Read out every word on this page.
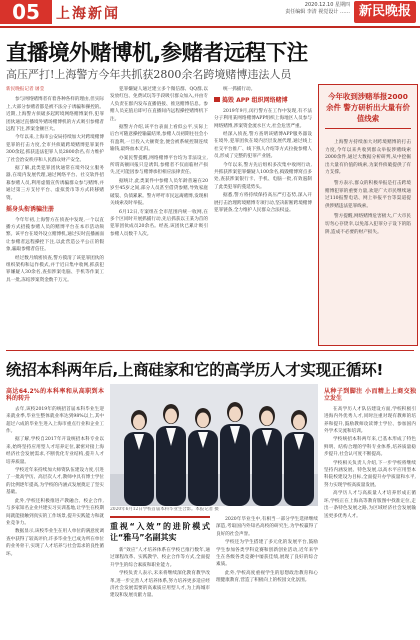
05	上海新闻
2020.12.10 星期四
责任编辑 李清 视觉设计 …… 新民晚报
直播境外赌博机,参赌者远程下注
高压严打!上海警方今年共抓获2800余名跨境赌博违法人员
新民晚报记者 屠莹

参与网络赌博者有着各种各样的理由,但实际上,大部分参赌者都是被不法分子诱骗和操控的。近期,上海警方侦破多起跨境网络赌博案件,犯罪团伙通过直播境外赌场赌博机的方式吸引参赌者远程下注,涉案金额巨大。

今年以来,上海市公安局持续加大对跨境赌博犯罪的打击力度,全市共侦破跨境赌博犯罪案件300余起,抓获违法犯罪人员2800余名,有力维护了社会治安秩序和人民群众财产安全。

据了解,此类犯罪团伙通常在境外设立服务器,在境内发展代理,通过网络平台、社交软件招募参赌人员,利用虚假宣传诱骗群众参与赌博,并通过第三方支付平台、虚拟货币等方式转移赌资。

摇身头衔诱骗注册

今年年初,上海警方在侦查中发现,一个以直播方式招揽参赌人员的赌博平台在本市活动频繁。该平台在境外设立赌博机,通过实时直播画面让参赌者远程操控下注,以此营造公平公正的假象,骗取参赌者信任。

经过数月缜密侦查,警方摸清了该犯罪团伙的组织架构和运作模式,并于近日集中收网,抓获犯罪嫌疑人30余名,查扣涉案电脑、手机等作案工具一批,冻结涉案资金数千万元。

犯罪嫌疑人通过建立多个微信群、QQ群,以发放红包、免费试玩等手段吸引群众加入,并由专人负责在群内发布直播链接、推送赌博信息。参赌人员充值后即可在直播间内远程操控赌博机下注。

据警方介绍,该平台表面上看似公平,实际上后台可随意操控输赢结果,参赌人员初期往往会小有盈利,一旦投入大额资金,便会被系统控制连续输钱,最终血本无归。

办案民警提醒,网络赌博平台均为非法设立,所谓高额回报只是诱饵,参赌者不仅面临财产损失,还可能因参与赌博承担相应法律责任。

据统计,此类案件中参赌人员年龄普遍在20岁至45岁之间,部分人员甚至借贷参赌,导致家庭破裂、负债累累。警方呼吁市民远离赌博,发现相关线索及时举报。

6月12日,专案组在全市范围内统一收网,在多个区同时开展抓捕行动,先后抓获以王某为首的犯罪团伙成员20余名。经查,该团伙已累计吸引参赌人员数千人次。

统一抓捕行动。

捣毁 APP 组织网络赌博

2019年9月,闵行警方在工作中发现,有不法分子利用某网络赌博APP组织上海地区人员参与网络赌博,涉案资金流水巨大,社会危害严重。

经深入侦查,警方查明该赌博APP服务器设在境外,犯罪团伙在境内层层发展代理,通过线上社交平台推广、线下熟人介绍等方式拉拢参赌人员,形成了完整的犯罪产业链。

今年以来,警方先后组织多次集中收网行动,共抓获涉案犯罪嫌疑人100余名,捣毁赌博窝点多处,查获涉案银行卡、手机、电脑一批,有效遏制了此类犯罪的蔓延势头。

据悉,警方将持续保持高压严打态势,深入开展打击治理跨境赌博专项行动,坚决斩断跨境赌博犯罪链条,全力维护人民群众合法权益。

今年收到涉赌举报2000余件 警方研析出大量有价值线索

上海警方持续加大对跨境赌博的打击力度,今年以来共收到群众举报涉赌线索2000余件,通过大数据分析研判,从中挖掘出大量有价值的线索,为案件侦破提供了有力支撑。

警方表示,群众的积极举报是打击跨境赌博犯罪的重要力量,欢迎广大市民继续通过110报警电话、网上举报平台等渠道提供涉赌违法犯罪线索。

警方提醒,网络赌博危害极大,广大市民切勿心存侥幸,以免落入犯罪分子设下的陷阱,造成不必要的财产损失。

统招本科两年后,上商硅家和它的高学历人才实现正循环!
高达64.2%的本科率和从高职到本科的转升

去年,该校2019年的统招首届本科毕业生迎来就业季,毕业生整体就业率达到98%以上,其中超过六成的毕业生进入上海市重点行业和企业工作。

据了解,学校自2017年开设统招本科专业以来,始终坚持应用型人才培养定位,紧密对接上海经济社会发展需求,不断优化专业结构,提升人才培养质量。

学校近年来持续加大师资队伍建设力度,引进了一批高学历、高层次人才,教师中具有博士学位的比例逐年提高,为学校的内涵式发展奠定了坚实基础。

此外,学校还积极推进产教融合、校企合作,与多家知名企业共建实习实训基地,让学生在校期间就能接触到真实的工作场景,提升实践能力和就业竞争力。

数据显示,该校毕业生在用人单位的满意度调查中获得了较高评价,许多毕业生已成为所在单位的业务骨干,实现了人才培养与社会需求的良性循环。

2020年6月12日学校首届本科毕业生合影。本报记者 摄
重视“入效”的进阶模式让“雅马”名副其实

新“效应”人才培养体系在学校已推行数年,通过课程改革、实践教学、校企合作等方式,全面提升学生的综合素质和职业能力。

学校负责人表示,未来将继续深化教育教学改革,进一步完善人才培养体系,努力培养更多适应经济社会发展需要的高素质应用型人才,为上海城市建设和发展贡献力量。

2020年毕业生中,有相当一部分学生选择继续深造,考取国内外知名高校的研究生,为学校赢得了良好的社会声誉。

学校还为学生搭建了多元化的发展平台,鼓励学生参加各类学科竞赛和创新创业活动,近年来学生在各级各类竞赛中屡获佳绩,展现了良好的综合素质。

此外,学校高度重视学生的思想政治教育和心理健康教育,营造了积极向上的校园文化氛围。

从种子到脚注 小而精上上商交独立发生

在高学历人才队伍建设方面,学校积极引进海内外优秀人才,同时注重对现有教师的培养和提升,鼓励教师攻读博士学位、参加国内外学术交流和培训。

学校统招本科两年来,已基本形成了特色鲜明、结构合理的学科专业体系,培养质量稳步提升,社会认可度不断提高。

学校相关负责人介绍,下一步学校将继续坚持内涵发展、特色发展,以高水平应用型本科院校建设为目标,全面提升办学质量和水平,努力实现学校高质量发展。

高学历人才与高质量人才培养形成正循环,学校正在上海高等教育版图中找准定位,走出一条特色发展之路,为区域经济社会发展输送更多优秀人才。
